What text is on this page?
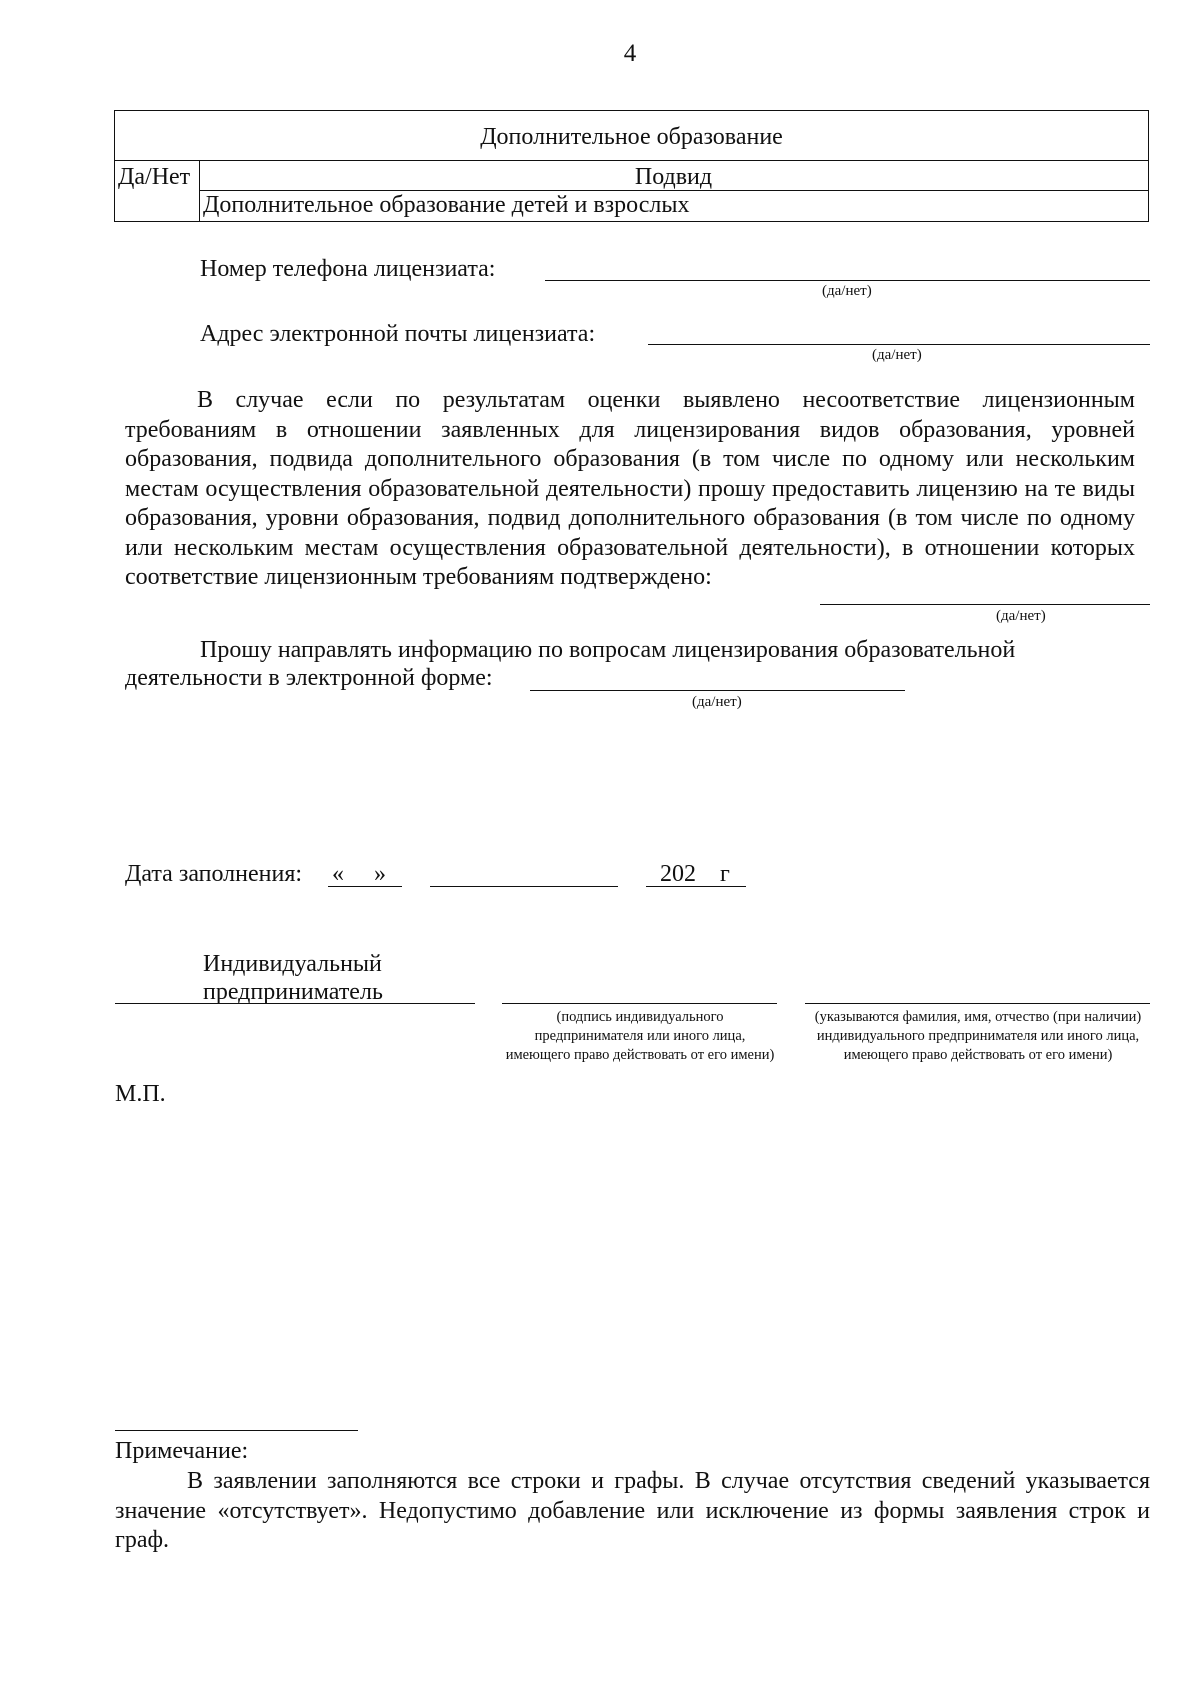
4
Дополнительное образование
Да/Нет	Подвид
Дополнительное образование детей и взрослых
Номер телефона лицензиата:
(да/нет)
Адрес электронной почты лицензиата:
(да/нет)
В случае если по результатам оценки выявлено несоответствие лицензионным требованиям в отношении заявленных для лицензирования видов образования, уровней образования, подвида дополнительного образования (в том числе по одному или нескольким местам осуществления образовательной деятельности) прошу предоставить лицензию на те виды образования, уровни образования, подвид дополнительного образования (в том числе по одному или нескольким местам осуществления образовательной деятельности), в отношении которых соответствие лицензионным требованиям подтверждено:
(да/нет)
Прошу направлять информацию по вопросам лицензирования образовательной
деятельности в электронной форме:
(да/нет)
Дата заполнения: «     »	202    г
Индивидуальный
предприниматель
(подпись индивидуального предпринимателя или иного лица, имеющего право действовать от его имени)
(указываются фамилия, имя, отчество (при наличии) индивидуального предпринимателя или иного лица, имеющего право действовать от его имени)
М.П.
Примечание:
В заявлении заполняются все строки и графы. В случае отсутствия сведений указывается значение «отсутствует». Недопустимо добавление или исключение из формы заявления строк и граф.
